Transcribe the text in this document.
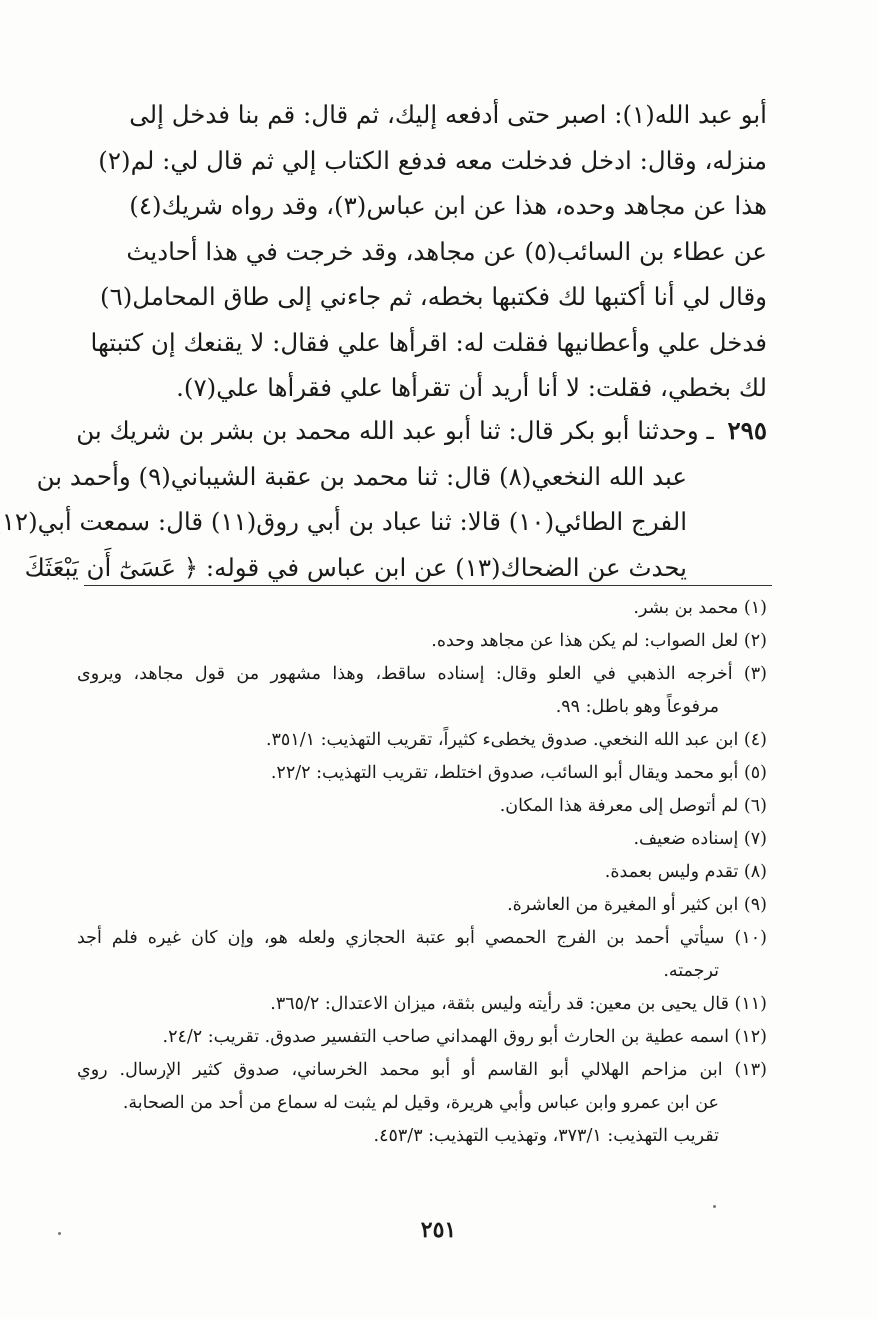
أبو عبد الله(١): اصبر حتى أدفعه إليك، ثم قال: قم بنا فدخل إلى
منزله، وقال: ادخل فدخلت معه فدفع الكتاب إلي ثم قال لي: لم(٢)
هذا عن مجاهد وحده، هذا عن ابن عباس(٣)، وقد رواه شريك(٤)
عن عطاء بن السائب(٥) عن مجاهد، وقد خرجت في هذا أحاديث
وقال لي أنا أكتبها لك فكتبها بخطه، ثم جاءني إلى طاق المحامل(٦)
فدخل علي وأعطانيها فقلت له: اقرأها علي فقال: لا يقنعك إن كتبتها
لك بخطي، فقلت: لا أنا أريد أن تقرأها علي فقرأها علي(٧).
٢٩٥ ـ وحدثنا أبو بكر قال: ثنا أبو عبد الله محمد بن بشر بن شريك بن
عبد الله النخعي(٨) قال: ثنا محمد بن عقبة الشيباني(٩) وأحمد بن
الفرج الطائي(١٠) قالا: ثنا عباد بن أبي روق(١١) قال: سمعت أبي(١٢
يحدث عن الضحاك(١٣) عن ابن عباس في قوله: ﴿ عَسَىٰٓ أَن يَبْعَثَكَ
(١) محمد بن بشر.
(٢) لعل الصواب: لم يكن هذا عن مجاهد وحده.
(٣) أخرجه الذهبي في العلو وقال: إسناده ساقط، وهذا مشهور من قول مجاهد، ويروى
مرفوعاً وهو باطل: ٩٩.
(٤) ابن عبد الله النخعي. صدوق يخطىء كثيراً، تقريب التهذيب: ٣٥١/١.
(٥) أبو محمد ويقال أبو السائب، صدوق اختلط، تقريب التهذيب: ٢٢/٢.
(٦) لم أتوصل إلى معرفة هذا المكان.
(٧) إسناده ضعيف.
(٨) تقدم وليس بعمدة.
(٩) ابن كثير أو المغيرة من العاشرة.
(١٠) سيأتي أحمد بن الفرج الحمصي أبو عتبة الحجازي ولعله هو، وإن كان غيره فلم أجد
ترجمته.
(١١) قال يحيى بن معين: قد رأيته وليس بثقة، ميزان الاعتدال: ٣٦٥/٢.
(١٢) اسمه عطية بن الحارث أبو روق الهمداني صاحب التفسير صدوق. تقريب: ٢٤/٢.
(١٣) ابن مزاحم الهلالي أبو القاسم أو أبو محمد الخرساني، صدوق كثير الإرسال. روي
عن ابن عمرو وابن عباس وأبي هريرة، وقيل لم يثبت له سماع من أحد من الصحابة.
تقريب التهذيب: ٣٧٣/١، وتهذيب التهذيب: ٤٥٣/٣.
٢٥١
